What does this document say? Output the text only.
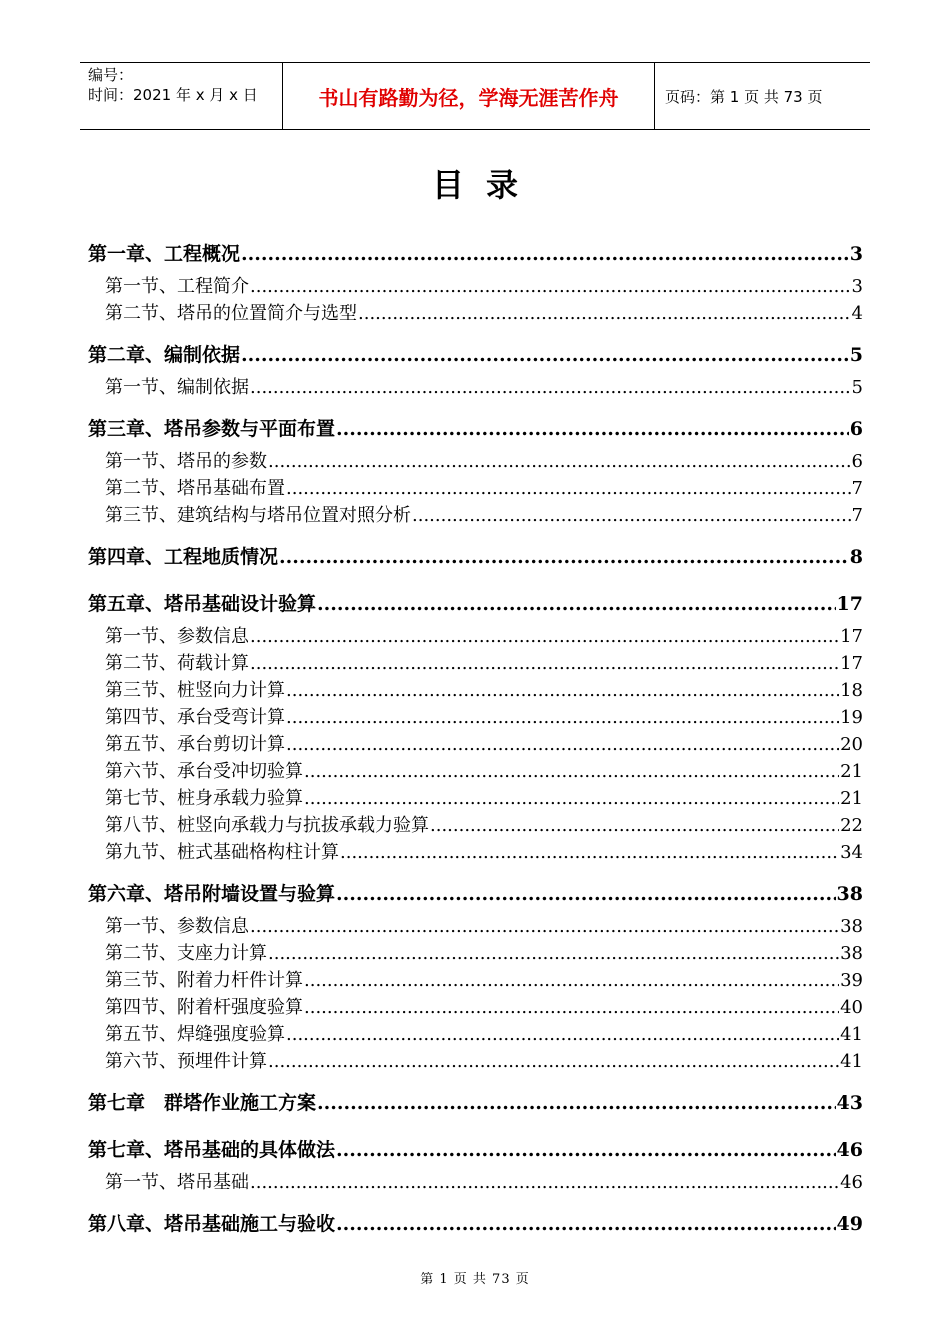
编号：
时间：2021 年 x 月 x 日	书山有路勤为径，学海无涯苦作舟	页码：第 1 页 共 73 页
目录
第一章、工程概况 .....	3
第一节、工程简介 .....	3
第二节、塔吊的位置简介与选型 .....	4
第二章、编制依据 .....	5
第一节、编制依据 .....	5
第三章、塔吊参数与平面布置 .....	6
第一节、塔吊的参数 .....	6
第二节、塔吊基础布置 .....	7
第三节、建筑结构与塔吊位置对照分析 .....	7
第四章、工程地质情况 .....	8
第五章、塔吊基础设计验算 .....	17
第一节、参数信息 .....	17
第二节、荷载计算 .....	17
第三节、桩竖向力计算 .....	18
第四节、承台受弯计算 .....	19
第五节、承台剪切计算 .....	20
第六节、承台受冲切验算 .....	21
第七节、桩身承载力验算 .....	21
第八节、桩竖向承载力与抗拔承载力验算 .....	22
第九节、桩式基础格构柱计算 .....	34
第六章、塔吊附墙设置与验算 .....	38
第一节、参数信息 .....	38
第二节、支座力计算 .....	38
第三节、附着力杆件计算 .....	39
第四节、附着杆强度验算 .....	40
第五节、焊缝强度验算 .....	41
第六节、预埋件计算 .....	41
第七章　群塔作业施工方案 .....	43
第七章、塔吊基础的具体做法 .....	46
第一节、塔吊基础 .....	46
第八章、塔吊基础施工与验收 .....	49
第 1 页 共 73 页
